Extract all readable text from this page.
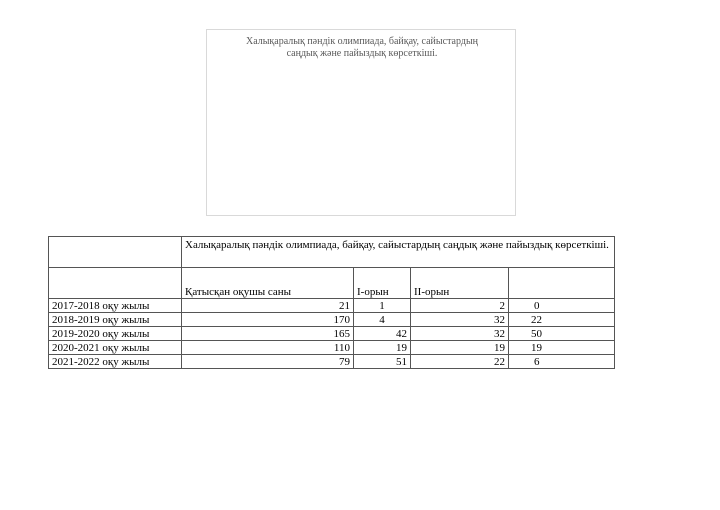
Халықаралық пәндік олимпиада, байқау, сайыстардың саңдық және пайыздық көрсеткіші.
	Халықаралық пәндік олимпиада, байқау, сайыстардың саңдық және пайыздық көрсеткіші.			
	Қатысқан оқушы саны	I-орын	II-орын	
2017-2018 оқу жылы	21	1	2	0
2018-2019 оқу жылы	170	4	32	22
2019-2020 оқу жылы	165	42	32	50
2020-2021 оқу жылы	110	19	19	19
2021-2022 оқу жылы	79	51	22	6
